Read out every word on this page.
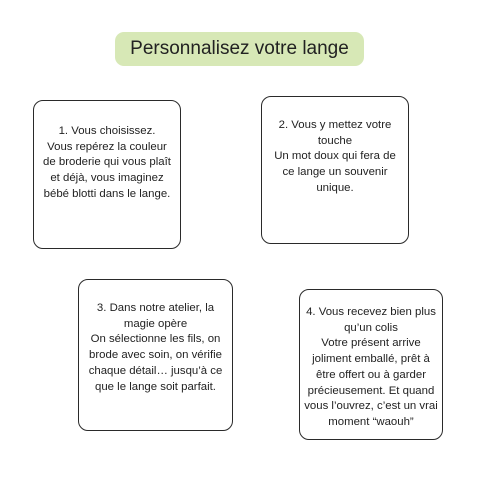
Personnalisez votre lange
1. Vous choisissez.
Vous repérez la couleur
de broderie qui vous plaît
et déjà, vous imaginez
bébé blotti dans le lange.
2. Vous y mettez votre
touche
Un mot doux qui fera de
ce lange un souvenir
unique.
3. Dans notre atelier, la
magie opère
On sélectionne les fils, on
brode avec soin, on vérifie
chaque détail… jusqu’à ce
que le lange soit parfait.
4. Vous recevez bien plus
qu’un colis
Votre présent arrive
joliment emballé, prêt à
être offert ou à garder
précieusement. Et quand
vous l’ouvrez, c’est un vrai
moment “waouh”
